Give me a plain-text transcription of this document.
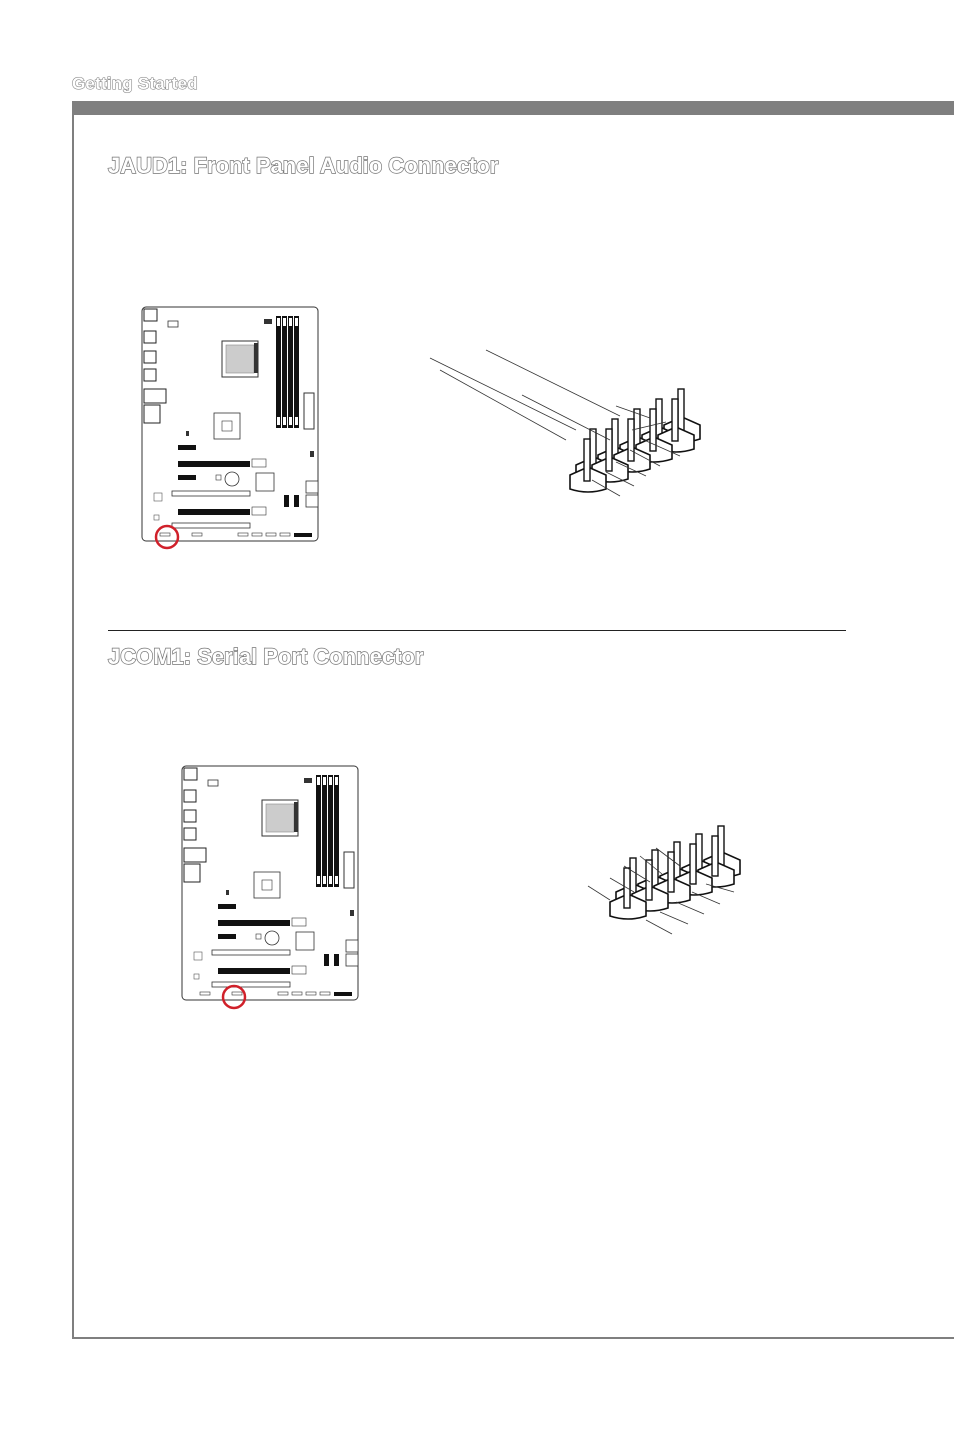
Getting Started
JAUD1: Front Panel Audio Connector
JCOM1: Serial Port Connector
